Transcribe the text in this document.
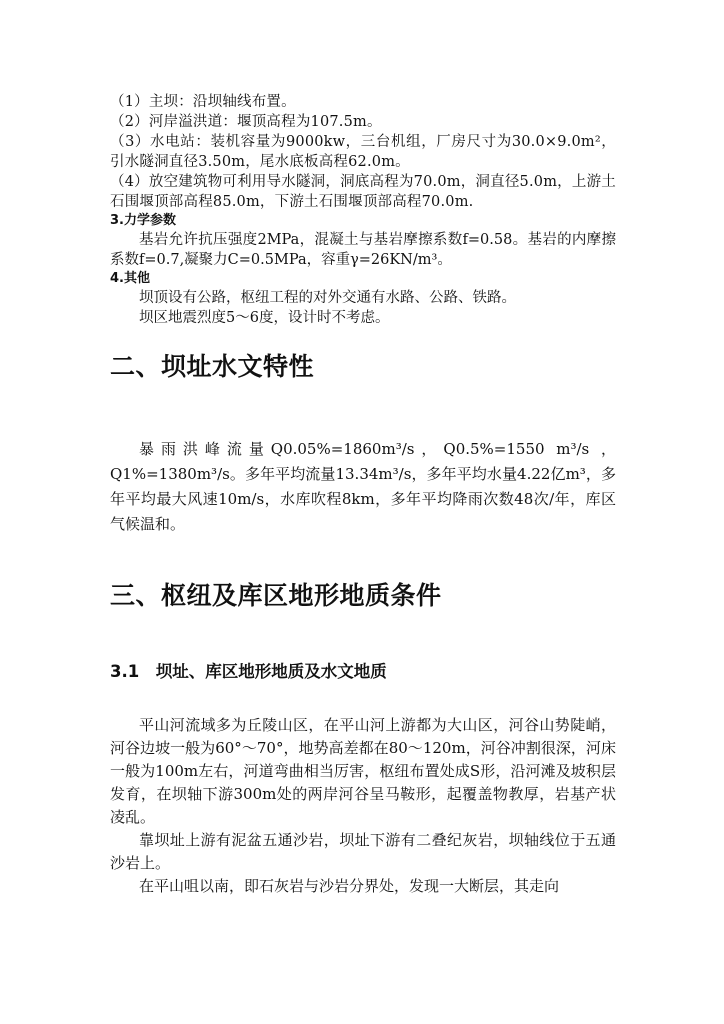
（1）主坝：沿坝轴线布置。

（2）河岸溢洪道：堰顶高程为107.5m。

（3）水电站：装机容量为9000kw，三台机组，厂房尺寸为30.0×9.0m²，引水隧洞直径3.50m，尾水底板高程62.0m。

（4）放空建筑物可利用导水隧洞，洞底高程为70.0m，洞直径5.0m，上游土石围堰顶部高程85.0m，下游土石围堰顶部高程70.0m.

3.力学参数

基岩允许抗压强度2MPa，混凝土与基岩摩擦系数f=0.58。基岩的内摩擦系数f=0.7,凝聚力C=0.5MPa，容重γ=26KN/m³。

4.其他

坝顶设有公路，枢纽工程的对外交通有水路、公路、铁路。

坝区地震烈度5～6度，设计时不考虑。

二、坝址水文特性

暴雨洪峰流量Q0.05%=1860m³/s，Q0.5%=1550 m³/s ，Q1%=1380m³/s。多年平均流量13.34m³/s，多年平均水量4.22亿m³，多年平均最大风速10m/s，水库吹程8km，多年平均降雨次数48次/年，库区气候温和。

三、枢纽及库区地形地质条件

3.1　坝址、库区地形地质及水文地质

平山河流域多为丘陵山区，在平山河上游都为大山区，河谷山势陡峭，河谷边坡一般为60°～70°，地势高差都在80～120m，河谷冲割很深，河床一般为100m左右，河道弯曲相当厉害，枢纽布置处成S形，沿河滩及坡积层发育，在坝轴下游300m处的两岸河谷呈马鞍形，起覆盖物教厚，岩基产状凌乱。

靠坝址上游有泥盆五通沙岩，坝址下游有二叠纪灰岩，坝轴线位于五通沙岩上。

在平山咀以南，即石灰岩与沙岩分界处，发现一大断层，其走向
